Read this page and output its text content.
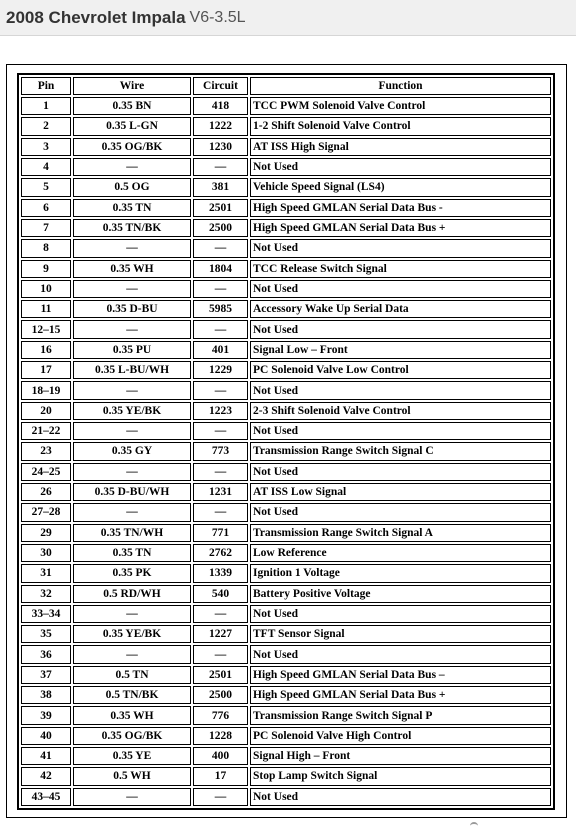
2008 Chevrolet Impala V6-3.5L
Pin	Wire	Circuit	Function
1	0.35 BN	418	TCC PWM Solenoid Valve Control
2	0.35 L-GN	1222	1-2 Shift Solenoid Valve Control
3	0.35 OG/BK	1230	AT ISS High Signal
4	—	—	Not Used
5	0.5 OG	381	Vehicle Speed Signal (LS4)
6	0.35 TN	2501	High Speed GMLAN Serial Data Bus -
7	0.35 TN/BK	2500	High Speed GMLAN Serial Data Bus +
8	—	—	Not Used
9	0.35 WH	1804	TCC Release Switch Signal
10	—	—	Not Used
11	0.35 D-BU	5985	Accessory Wake Up Serial Data
12–15	—	—	Not Used
16	0.35 PU	401	Signal Low – Front
17	0.35 L-BU/WH	1229	PC Solenoid Valve Low Control
18–19	—	—	Not Used
20	0.35 YE/BK	1223	2-3 Shift Solenoid Valve Control
21–22	—	—	Not Used
23	0.35 GY	773	Transmission Range Switch Signal C
24–25	—	—	Not Used
26	0.35 D-BU/WH	1231	AT ISS Low Signal
27–28	—	—	Not Used
29	0.35 TN/WH	771	Transmission Range Switch Signal A
30	0.35 TN	2762	Low Reference
31	0.35 PK	1339	Ignition 1 Voltage
32	0.5 RD/WH	540	Battery Positive Voltage
33–34	—	—	Not Used
35	0.35 YE/BK	1227	TFT Sensor Signal
36	—	—	Not Used
37	0.5 TN	2501	High Speed GMLAN Serial Data Bus –
38	0.5 TN/BK	2500	High Speed GMLAN Serial Data Bus +
39	0.35 WH	776	Transmission Range Switch Signal P
40	0.35 OG/BK	1228	PC Solenoid Valve High Control
41	0.35 YE	400	Signal High – Front
42	0.5 WH	17	Stop Lamp Switch Signal
43–45	—	—	Not Used
